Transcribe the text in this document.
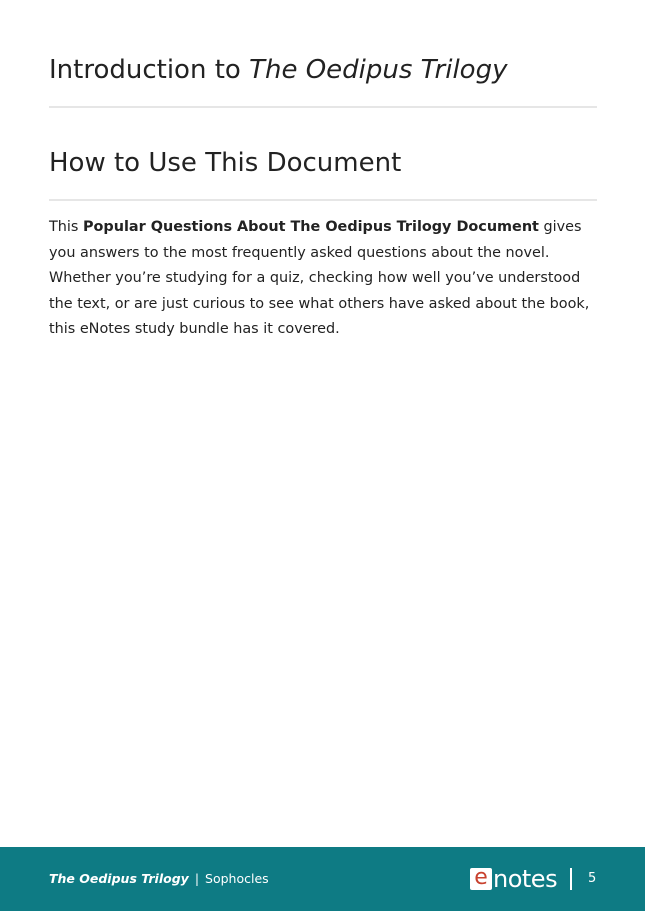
Introduction to The Oedipus Trilogy
How to Use This Document

This Popular Questions About The Oedipus Trilogy Document gives you answers to the most frequently asked questions about the novel. Whether you’re studying for a quiz, checking how well you’ve understood the text, or are just curious to see what others have asked about the book, this eNotes study bundle has it covered.

The Oedipus Trilogy | Sophocles	e notes 5
